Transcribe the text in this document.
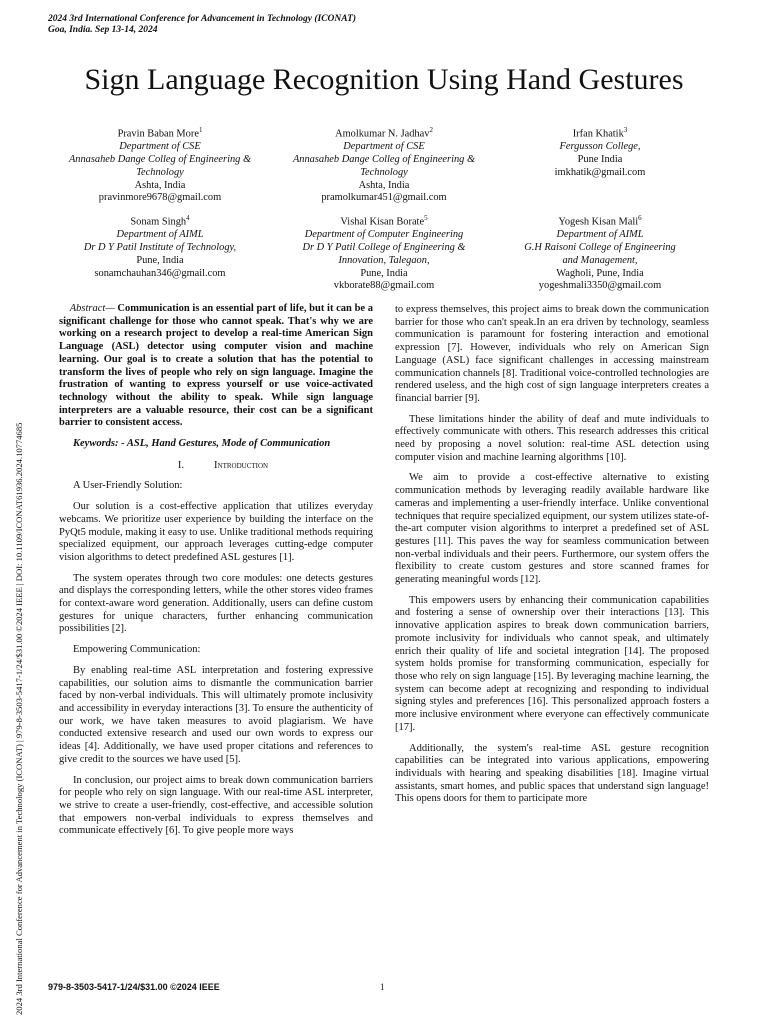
2024 3rd International Conference for Advancement in Technology (ICONAT)
Goa, India. Sep 13-14, 2024
2024 3rd International Conference for Advancement in Technology (ICONAT) | 979-8-3503-5417-1/24/$31.00 ©2024 IEEE | DOI: 10.1109/ICONAT61936.2024.10774685
Sign Language Recognition Using Hand Gestures
Pravin Baban More$^1$
Department of CSE
Annasaheb Dange Colleg of Engineering &
Technology
Ashta, India
pravinmore9678@gmail.com
Amolkumar N. Jadhav$^2$
Department of CSE
Annasaheb Dange Colleg of Engineering &
Technology
Ashta, India
pramolkumar451@gmail.com
Irfan Khatik$^3$
Fergusson College,
Pune India
imkhatik@gmail.com
Sonam Singh$^4$
Department of AIML
Dr D Y Patil Institute of Technology,
Pune, India
sonamchauhan346@gmail.com
Vishal Kisan Borate$^5$
Department of Computer Engineering
Dr D Y Patil College of Engineering &
Innovation, Talegaon,
Pune, India
vkborate88@gmail.com
Yogesh Kisan Mali$^6$
Department of AIML
G.H Raisoni College of Engineering
and Management,
Wagholi, Pune, India
yogeshmali3350@gmail.com

Abstract— Communication is an essential part of life, but it can be a significant challenge for those who cannot speak. That's why we are working on a research project to develop a real-time American Sign Language (ASL) detector using computer vision and machine learning. Our goal is to create a solution that has the potential to transform the lives of people who rely on sign language. Imagine the frustration of wanting to express yourself or use voice-activated technology without the ability to speak. While sign language interpreters are a valuable resource, their cost can be a significant barrier to consistent access.

Keywords: - ASL, Hand Gestures, Mode of Communication

I.	Introduction

A User-Friendly Solution:

Our solution is a cost-effective application that utilizes everyday webcams. We prioritize user experience by building the interface on the PyQt5 module, making it easy to use. Unlike traditional methods requiring specialized equipment, our approach leverages cutting-edge computer vision algorithms to detect predefined ASL gestures [1].

The system operates through two core modules: one detects gestures and displays the corresponding letters, while the other stores video frames for context-aware word generation. Additionally, users can define custom gestures for unique characters, further enhancing communication possibilities [2].

Empowering Communication:

By enabling real-time ASL interpretation and fostering expressive capabilities, our solution aims to dismantle the communication barrier faced by non-verbal individuals. This will ultimately promote inclusivity and accessibility in everyday interactions [3]. To ensure the authenticity of our work, we have taken measures to avoid plagiarism. We have conducted extensive research and used our own words to express our ideas [4]. Additionally, we have used proper citations and references to give credit to the sources we have used [5].

In conclusion, our project aims to break down communication barriers for people who rely on sign language. With our real-time ASL interpreter, we strive to create a user-friendly, cost-effective, and accessible solution that empowers non-verbal individuals to express themselves and communicate effectively [6]. To give people more ways

to express themselves, this project aims to break down the communication barrier for those who can't speak.In an era driven by technology, seamless communication is paramount for fostering interaction and emotional expression [7]. However, individuals who rely on American Sign Language (ASL) face significant challenges in accessing mainstream communication channels [8]. Traditional voice-controlled technologies are rendered useless, and the high cost of sign language interpreters creates a financial barrier [9].

These limitations hinder the ability of deaf and mute individuals to effectively communicate with others. This research addresses this critical need by proposing a novel solution: real-time ASL detection using computer vision and machine learning algorithms [10].

We aim to provide a cost-effective alternative to existing communication methods by leveraging readily available hardware like cameras and implementing a user-friendly interface. Unlike conventional techniques that require specialized equipment, our system utilizes state-of-the-art computer vision algorithms to interpret a predefined set of ASL gestures [11]. This paves the way for seamless communication between non-verbal individuals and their peers. Furthermore, our system offers the flexibility to create custom gestures and store scanned frames for generating meaningful words [12].

This empowers users by enhancing their communication capabilities and fostering a sense of ownership over their interactions [13]. This innovative application aspires to break down communication barriers, promote inclusivity for individuals who cannot speak, and ultimately enrich their quality of life and societal integration [14]. The proposed system holds promise for transforming communication, especially for those who rely on sign language [15]. By leveraging machine learning, the system can become adept at recognizing and responding to individual signing styles and preferences [16]. This personalized approach fosters a more inclusive environment where everyone can effectively communicate [17].

Additionally, the system's real-time ASL gesture recognition capabilities can be integrated into various applications, empowering individuals with hearing and speaking disabilities [18]. Imagine virtual assistants, smart homes, and public spaces that understand sign language! This opens doors for them to participate more

979-8-3503-5417-1/24/$31.00 ©2024 IEEE	1
